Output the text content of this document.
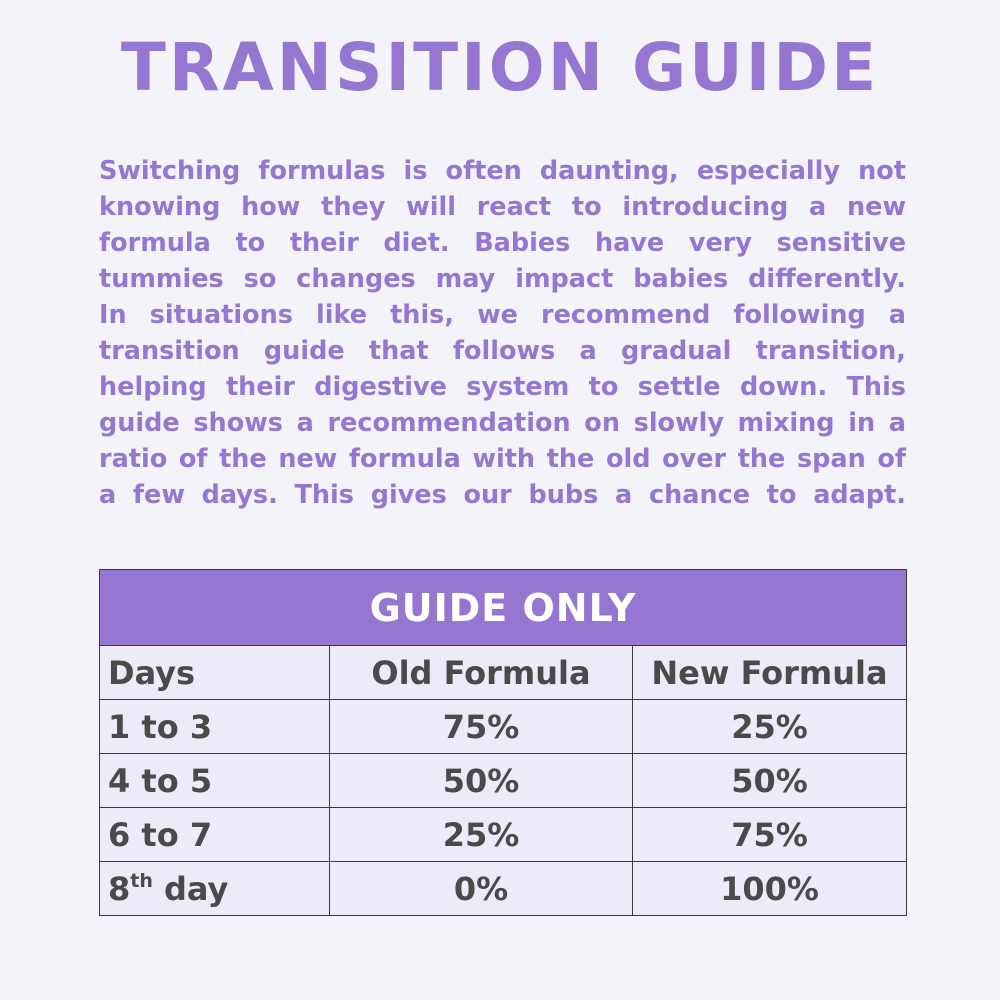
TRANSITION GUIDE

Switching formulas is often daunting, especially not
knowing how they will react to introducing a new
formula to their diet. Babies have very sensitive
tummies so changes may impact babies differently.
In situations like this, we recommend following a
transition guide that follows a gradual transition,
helping their digestive system to settle down. This
guide shows a recommendation on slowly mixing in a
ratio of the new formula with the old over the span of
a few days. This gives our bubs a chance to adapt.

GUIDE ONLY		
Days	Old Formula	New Formula
1 to 3	75%	25%
4 to 5	50%	50%
6 to 7	25%	75%
8th day	0%	100%
